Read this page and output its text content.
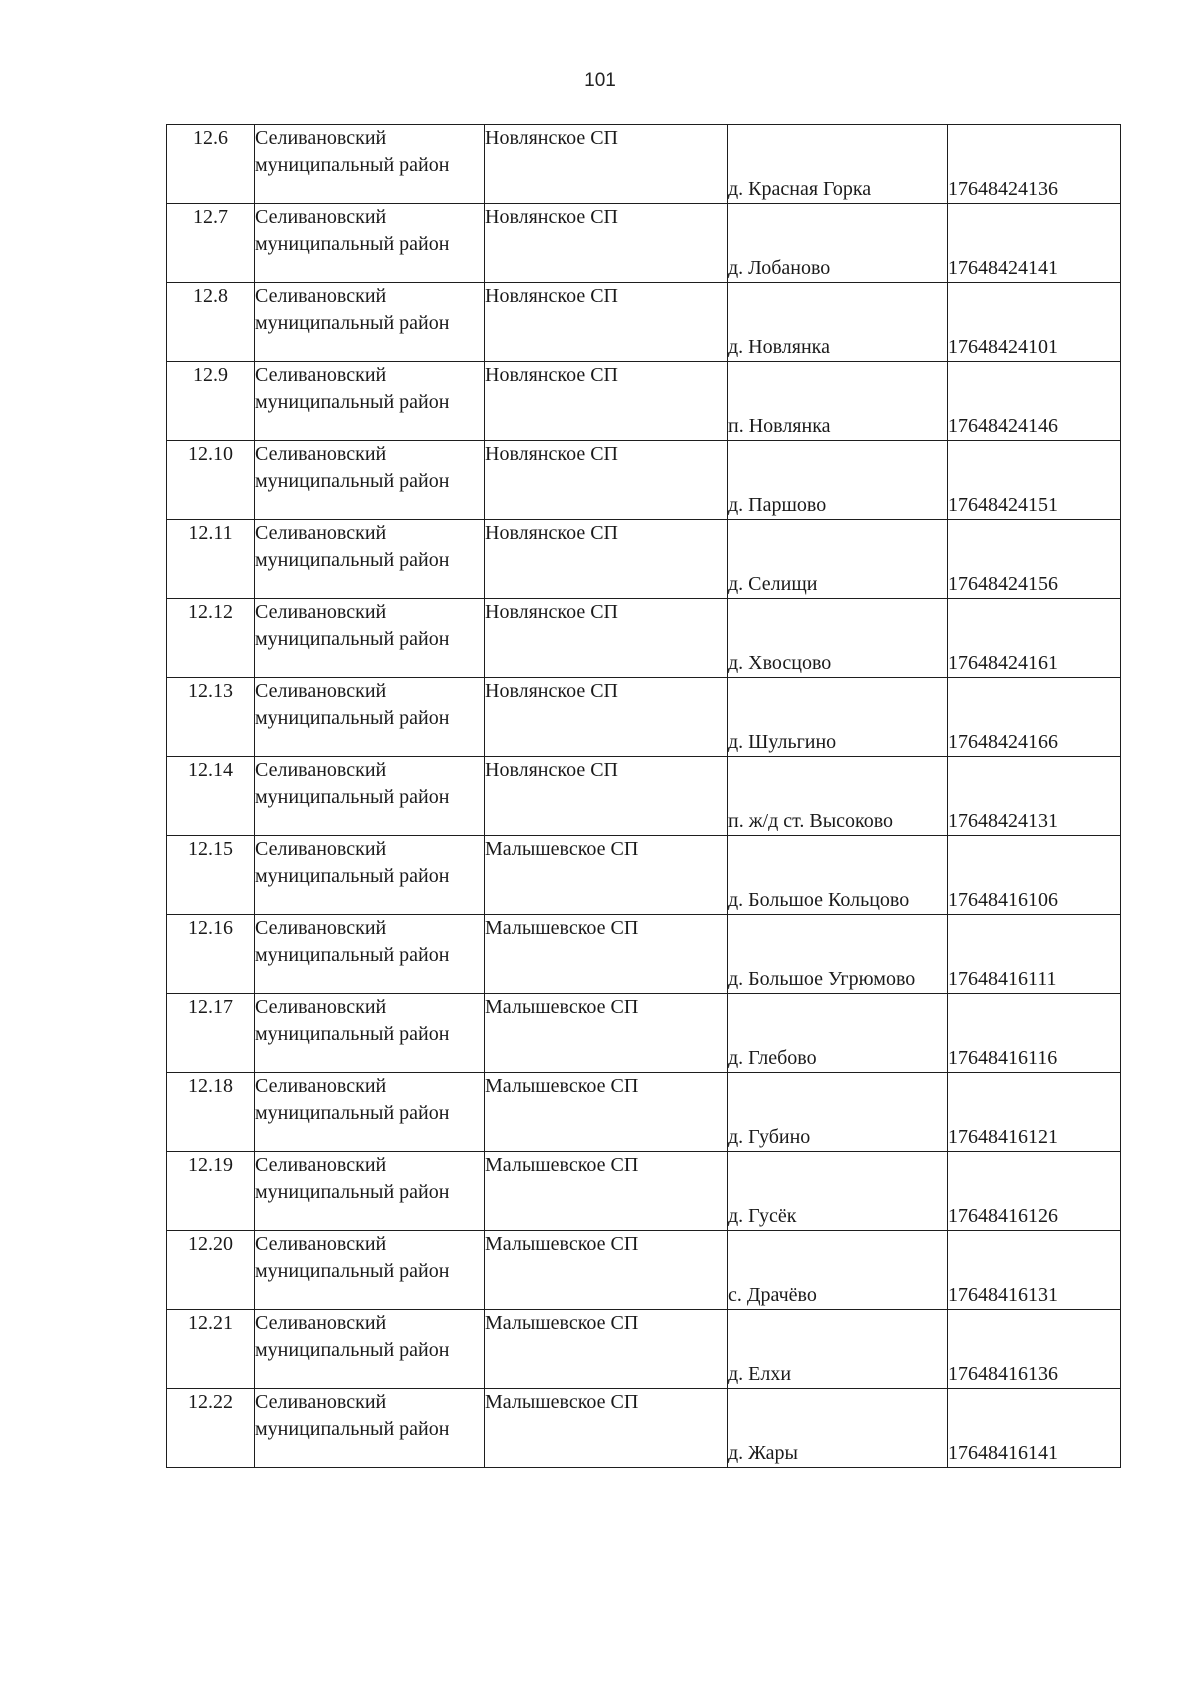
101
12.6	Селивановский муниципальный район	Новлянское СП	д. Красная Горка	17648424136
12.7	Селивановский муниципальный район	Новлянское СП	д. Лобаново	17648424141
12.8	Селивановский муниципальный район	Новлянское СП	д. Новлянка	17648424101
12.9	Селивановский муниципальный район	Новлянское СП	п. Новлянка	17648424146
12.10	Селивановский муниципальный район	Новлянское СП	д. Паршово	17648424151
12.11	Селивановский муниципальный район	Новлянское СП	д. Селищи	17648424156
12.12	Селивановский муниципальный район	Новлянское СП	д. Хвосцово	17648424161
12.13	Селивановский муниципальный район	Новлянское СП	д. Шульгино	17648424166
12.14	Селивановский муниципальный район	Новлянское СП	п. ж/д ст. Высоково	17648424131
12.15	Селивановский муниципальный район	Малышевское СП	д. Большое Кольцово	17648416106
12.16	Селивановский муниципальный район	Малышевское СП	д. Большое Угрюмово	17648416111
12.17	Селивановский муниципальный район	Малышевское СП	д. Глебово	17648416116
12.18	Селивановский муниципальный район	Малышевское СП	д. Губино	17648416121
12.19	Селивановский муниципальный район	Малышевское СП	д. Гусёк	17648416126
12.20	Селивановский муниципальный район	Малышевское СП	с. Драчёво	17648416131
12.21	Селивановский муниципальный район	Малышевское СП	д. Елхи	17648416136
12.22	Селивановский муниципальный район	Малышевское СП	д. Жары	17648416141
